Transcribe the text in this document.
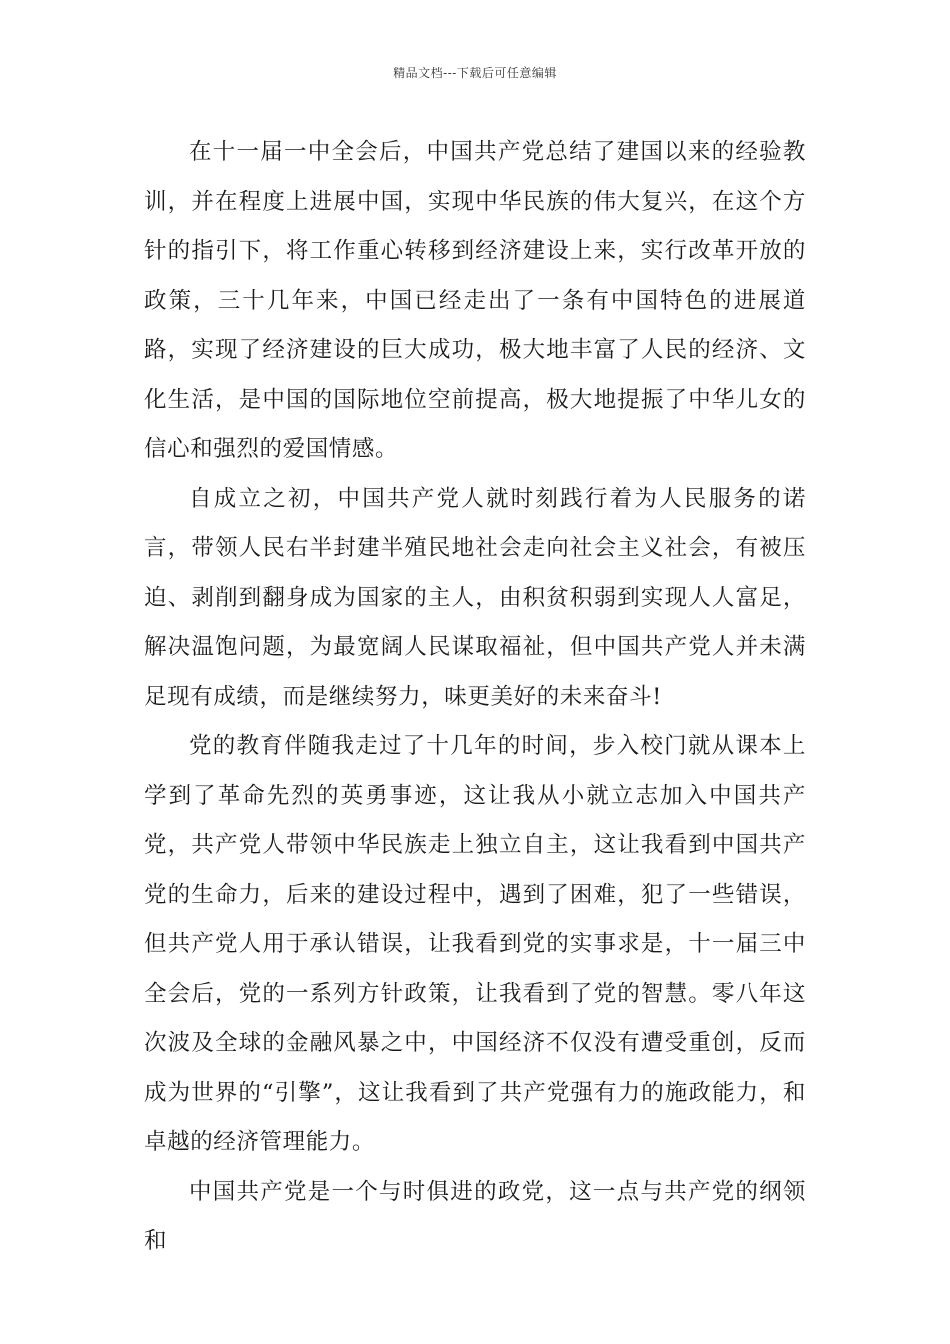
精品文档---下载后可任意编辑

在十一届一中全会后，中国共产党总结了建国以来的经验教训，并在程度上进展中国，实现中华民族的伟大复兴，在这个方针的指引下，将工作重心转移到经济建设上来，实行改革开放的政策，三十几年来，中国已经走出了一条有中国特色的进展道路，实现了经济建设的巨大成功，极大地丰富了人民的经济、文化生活，是中国的国际地位空前提高，极大地提振了中华儿女的信心和强烈的爱国情感。

自成立之初，中国共产党人就时刻践行着为人民服务的诺言，带领人民右半封建半殖民地社会走向社会主义社会，有被压迫、剥削到翻身成为国家的主人，由积贫积弱到实现人人富足，解决温饱问题，为最宽阔人民谋取福祉，但中国共产党人并未满足现有成绩，而是继续努力，味更美好的未来奋斗!

党的教育伴随我走过了十几年的时间，步入校门就从课本上学到了革命先烈的英勇事迹，这让我从小就立志加入中国共产党，共产党人带领中华民族走上独立自主，这让我看到中国共产党的生命力，后来的建设过程中，遇到了困难，犯了一些错误，但共产党人用于承认错误，让我看到党的实事求是，十一届三中全会后，党的一系列方针政策，让我看到了党的智慧。零八年这次波及全球的金融风暴之中，中国经济不仅没有遭受重创，反而成为世界的“引擎”，这让我看到了共产党强有力的施政能力，和卓越的经济管理能力。

中国共产党是一个与时俱进的政党，这一点与共产党的纲领和
